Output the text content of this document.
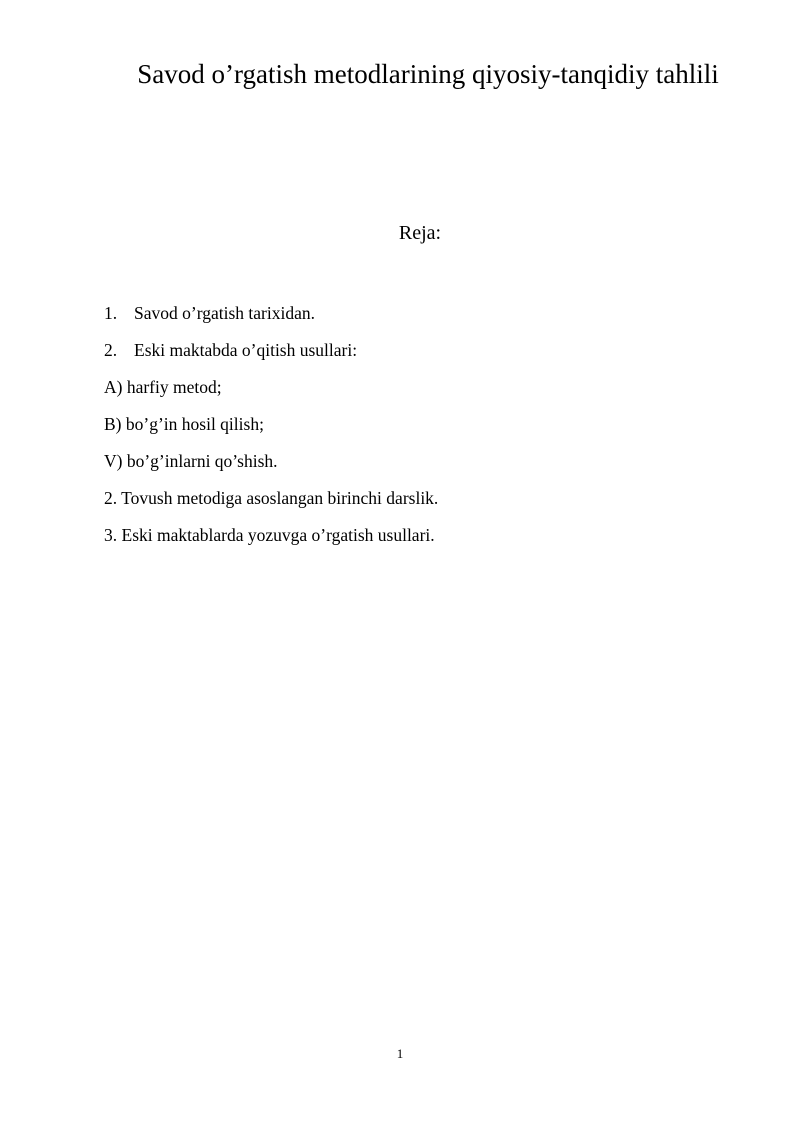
Savod o’rgatish metodlarining qiyosiy-tanqidiy tahlili
Reja:
1. Savod o’rgatish tarixidan.
2. Eski maktabda o’qitish usullari:
A) harfiy metod;
B) bo’g’in hosil qilish;
V) bo’g’inlarni qo’shish.
2. Tovush metodiga asoslangan birinchi darslik.
3. Eski maktablarda yozuvga o’rgatish usullari.
1
